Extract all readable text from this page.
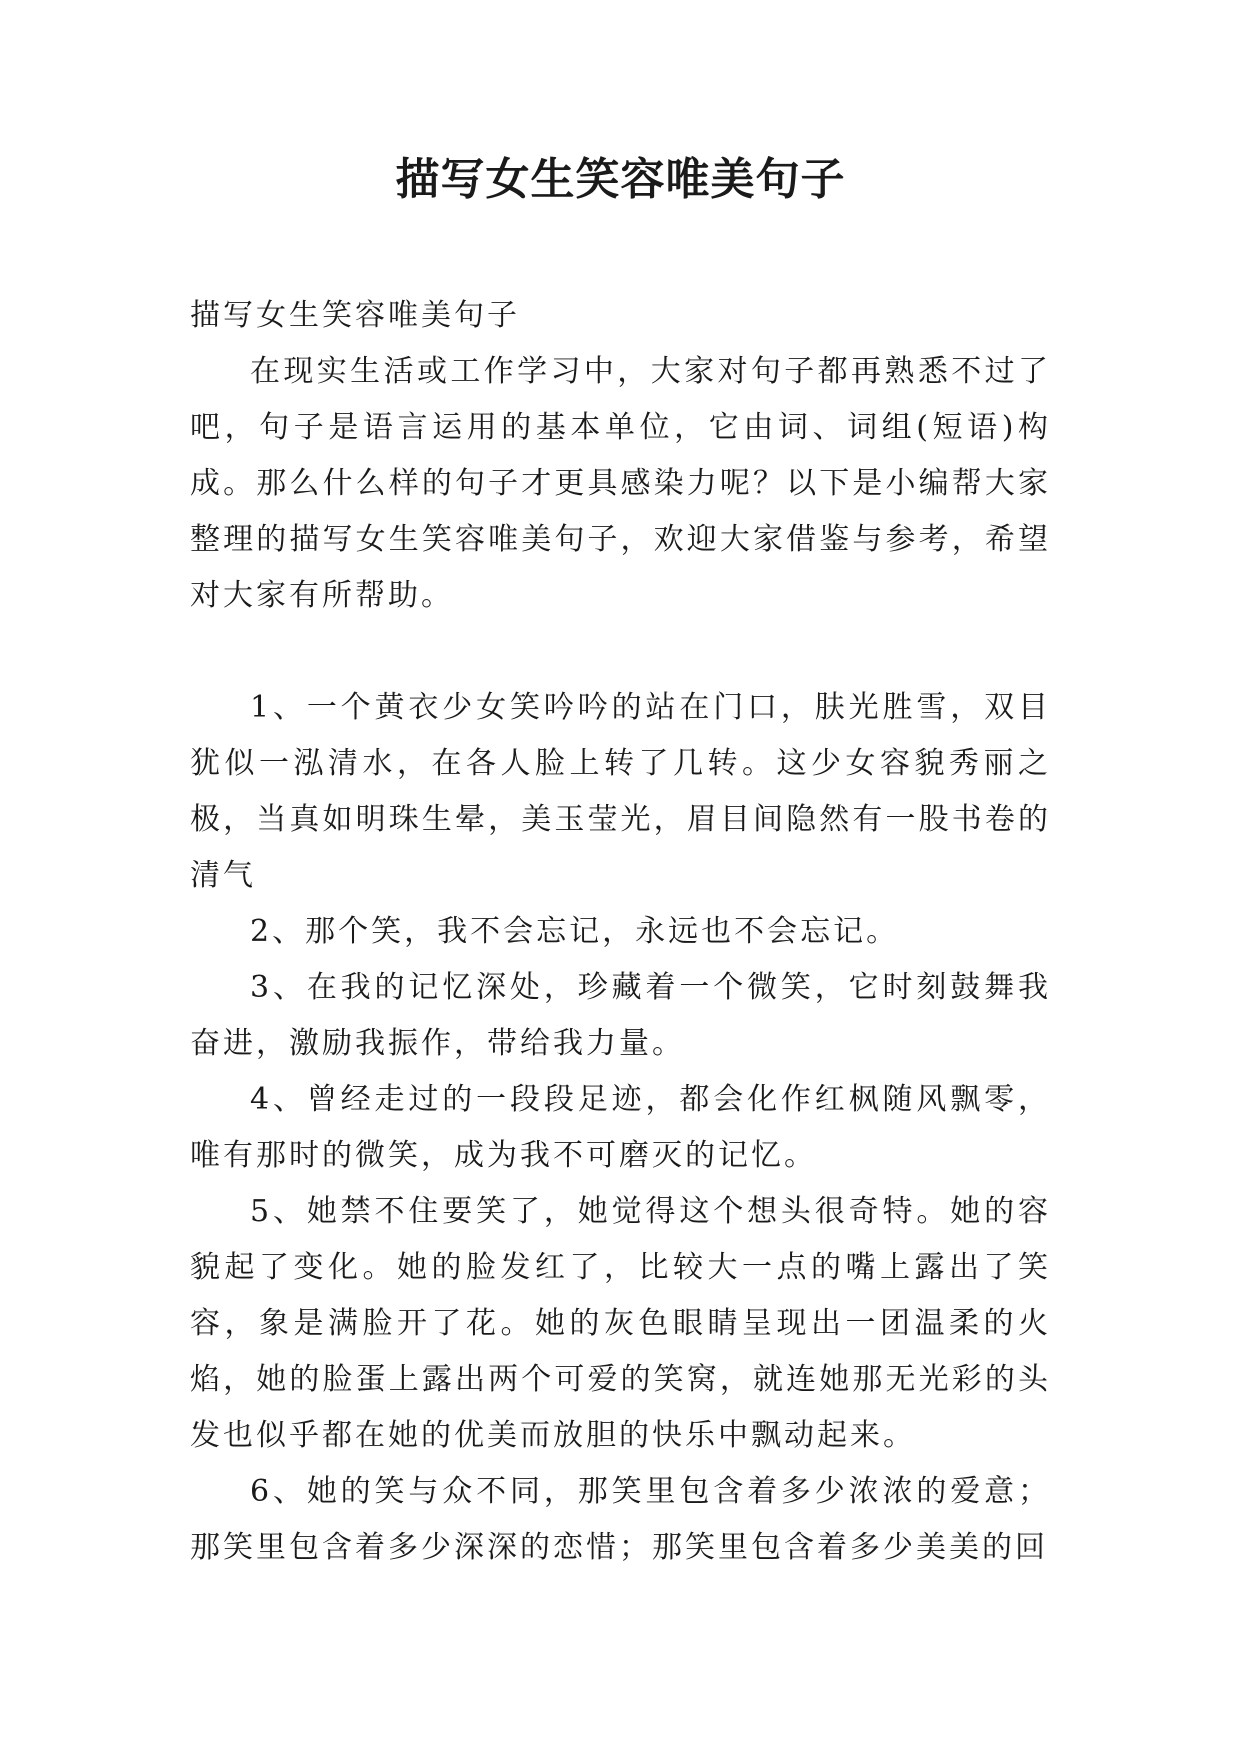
描写女生笑容唯美句子

描写女生笑容唯美句子

在现实生活或工作学习中，大家对句子都再熟悉不过了吧，句子是语言运用的基本单位，它由词、词组(短语)构成。那么什么样的句子才更具感染力呢？以下是小编帮大家整理的描写女生笑容唯美句子，欢迎大家借鉴与参考，希望对大家有所帮助。

1、一个黄衣少女笑吟吟的站在门口，肤光胜雪，双目犹似一泓清水，在各人脸上转了几转。这少女容貌秀丽之极，当真如明珠生晕，美玉莹光，眉目间隐然有一股书卷的清气

2、那个笑，我不会忘记，永远也不会忘记。

3、在我的记忆深处，珍藏着一个微笑，它时刻鼓舞我奋进，激励我振作，带给我力量。

4、曾经走过的一段段足迹，都会化作红枫随风飘零，唯有那时的微笑，成为我不可磨灭的记忆。

5、她禁不住要笑了，她觉得这个想头很奇特。她的容貌起了变化。她的脸发红了，比较大一点的嘴上露出了笑容，象是满脸开了花。她的灰色眼睛呈现出一团温柔的火焰，她的脸蛋上露出两个可爱的笑窝，就连她那无光彩的头发也似乎都在她的优美而放胆的快乐中飘动起来。

6、她的笑与众不同，那笑里包含着多少浓浓的爱意；那笑里包含着多少深深的恋惜；那笑里包含着多少美美的回
